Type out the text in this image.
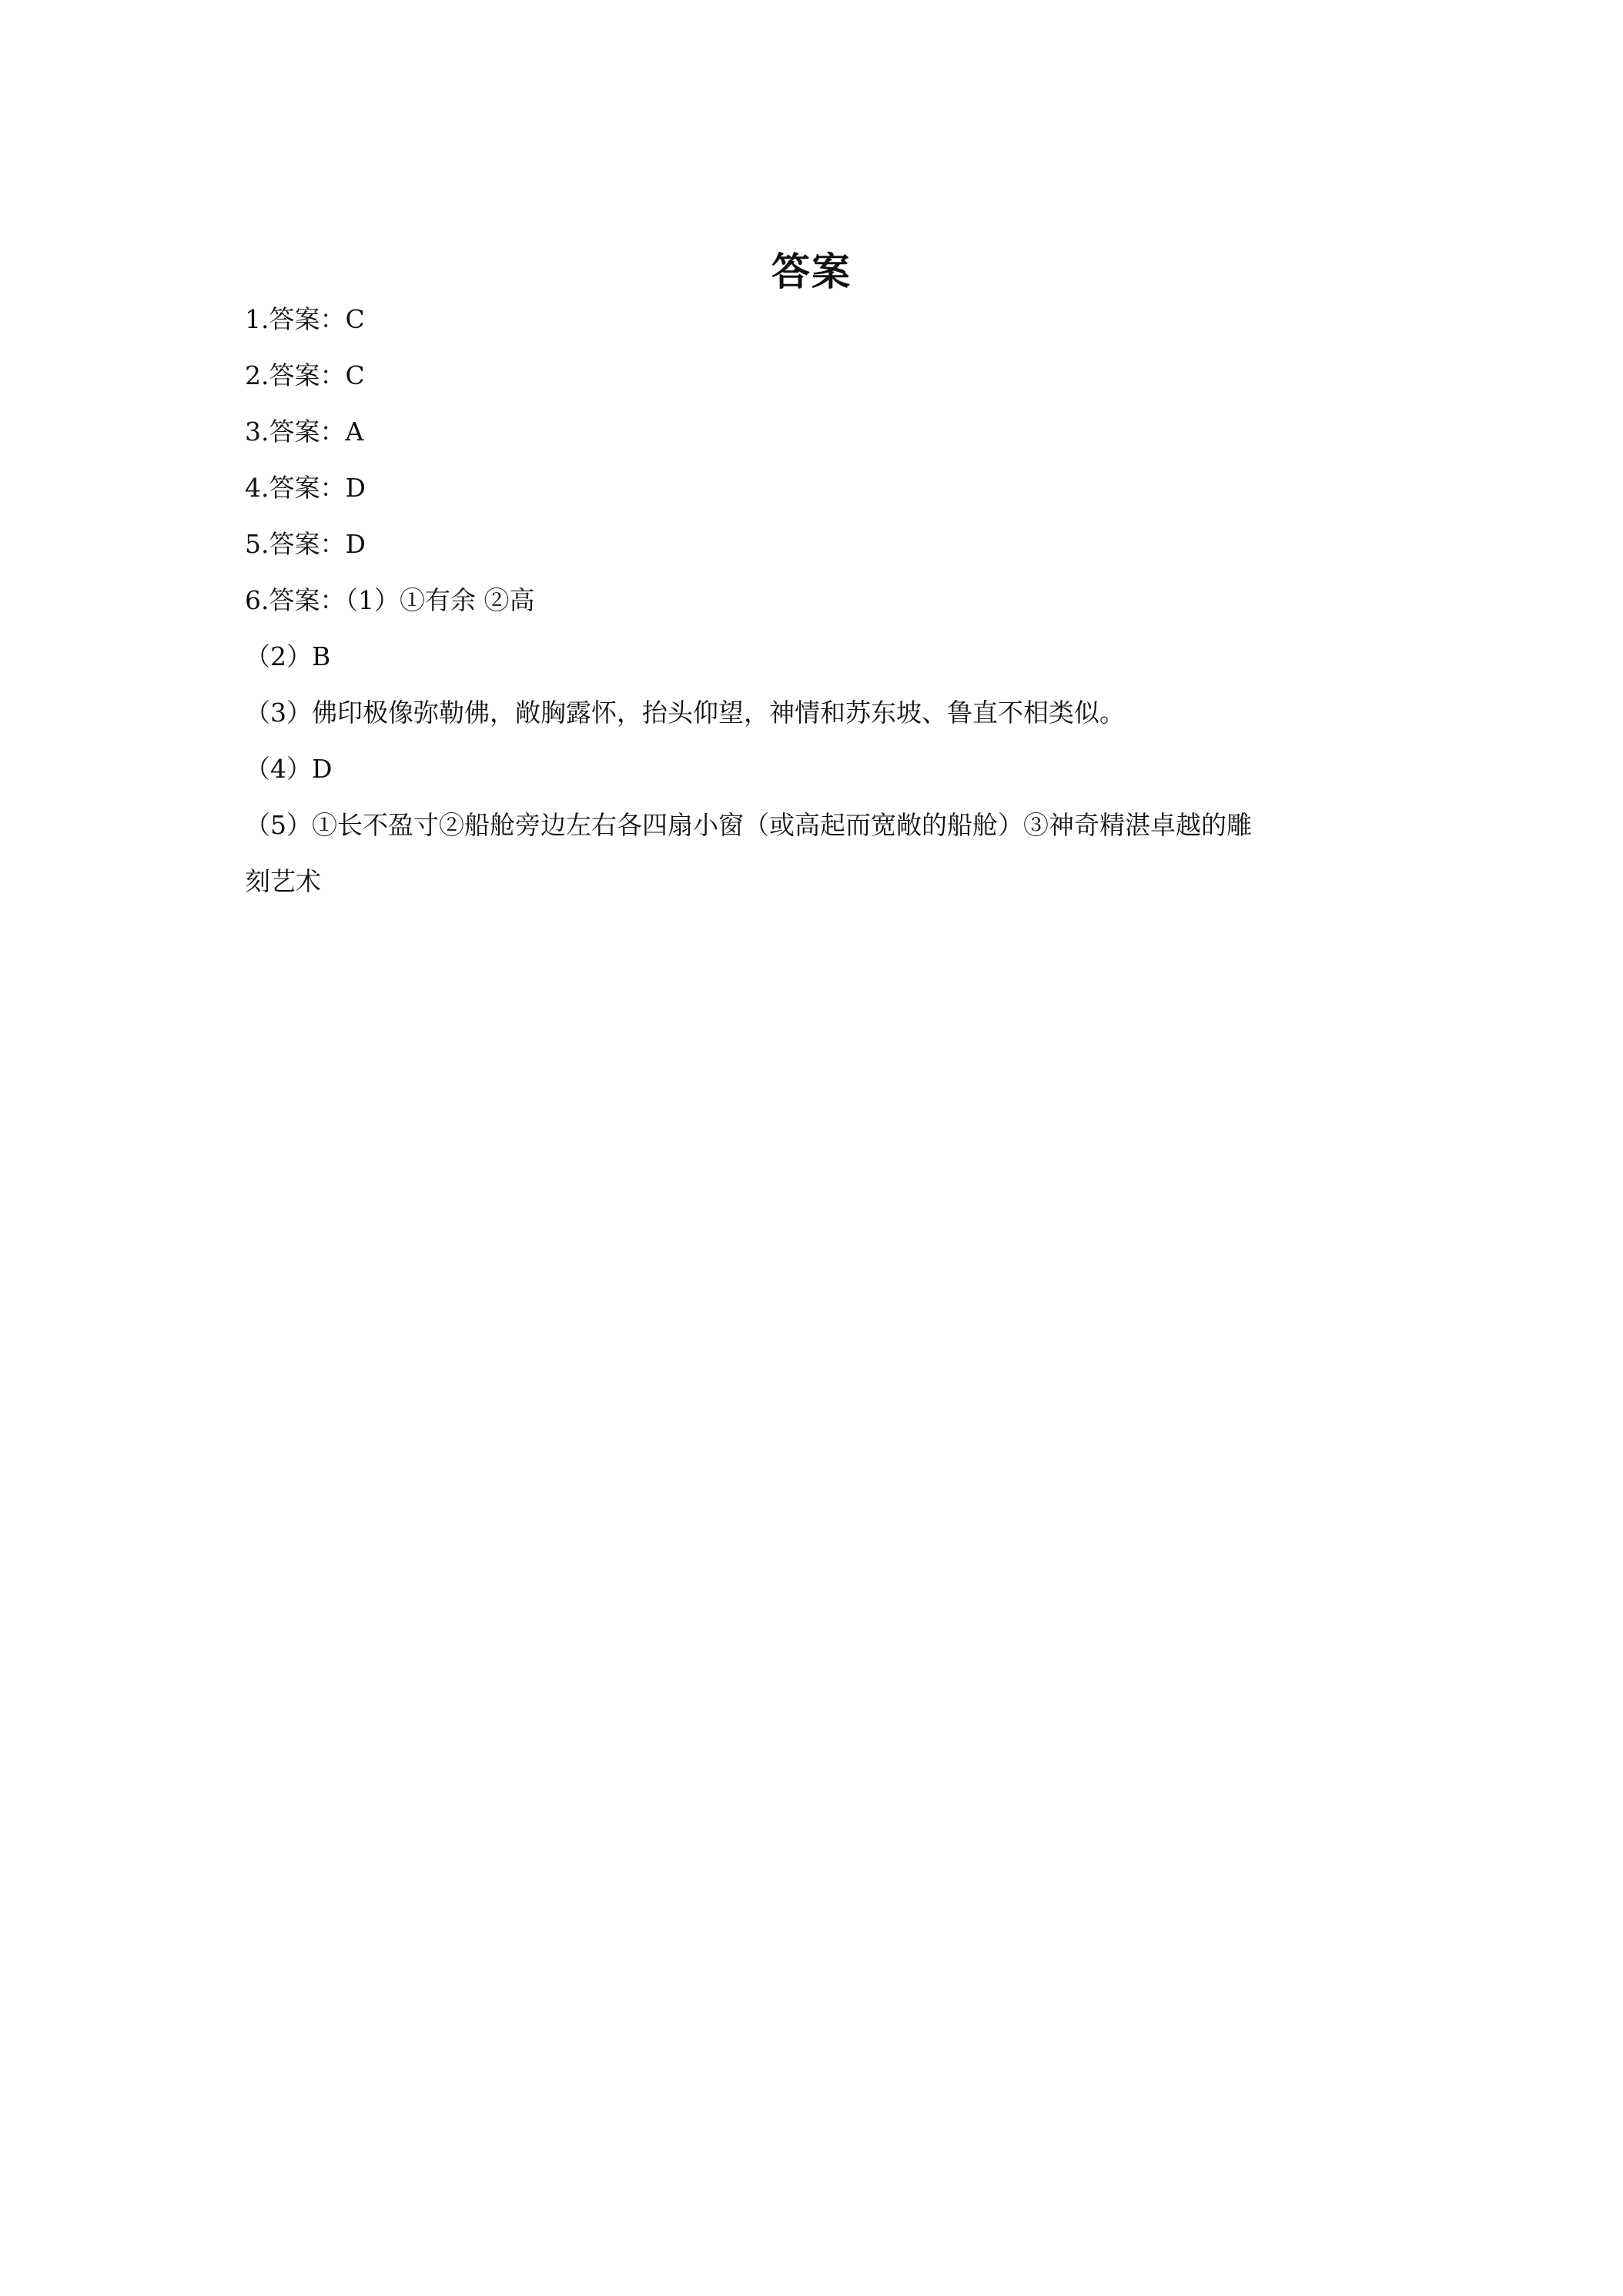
答案
1.答案：C
2.答案：C
3.答案：A
4.答案：D
5.答案：D
6.答案：（1）①有余 ②高
（2）B
（3）佛印极像弥勒佛，敞胸露怀，抬头仰望，神情和苏东坡、鲁直不相类似。
（4）D
（5）①长不盈寸②船舱旁边左右各四扇小窗（或高起而宽敞的船舱）③神奇精湛卓越的雕
刻艺术
